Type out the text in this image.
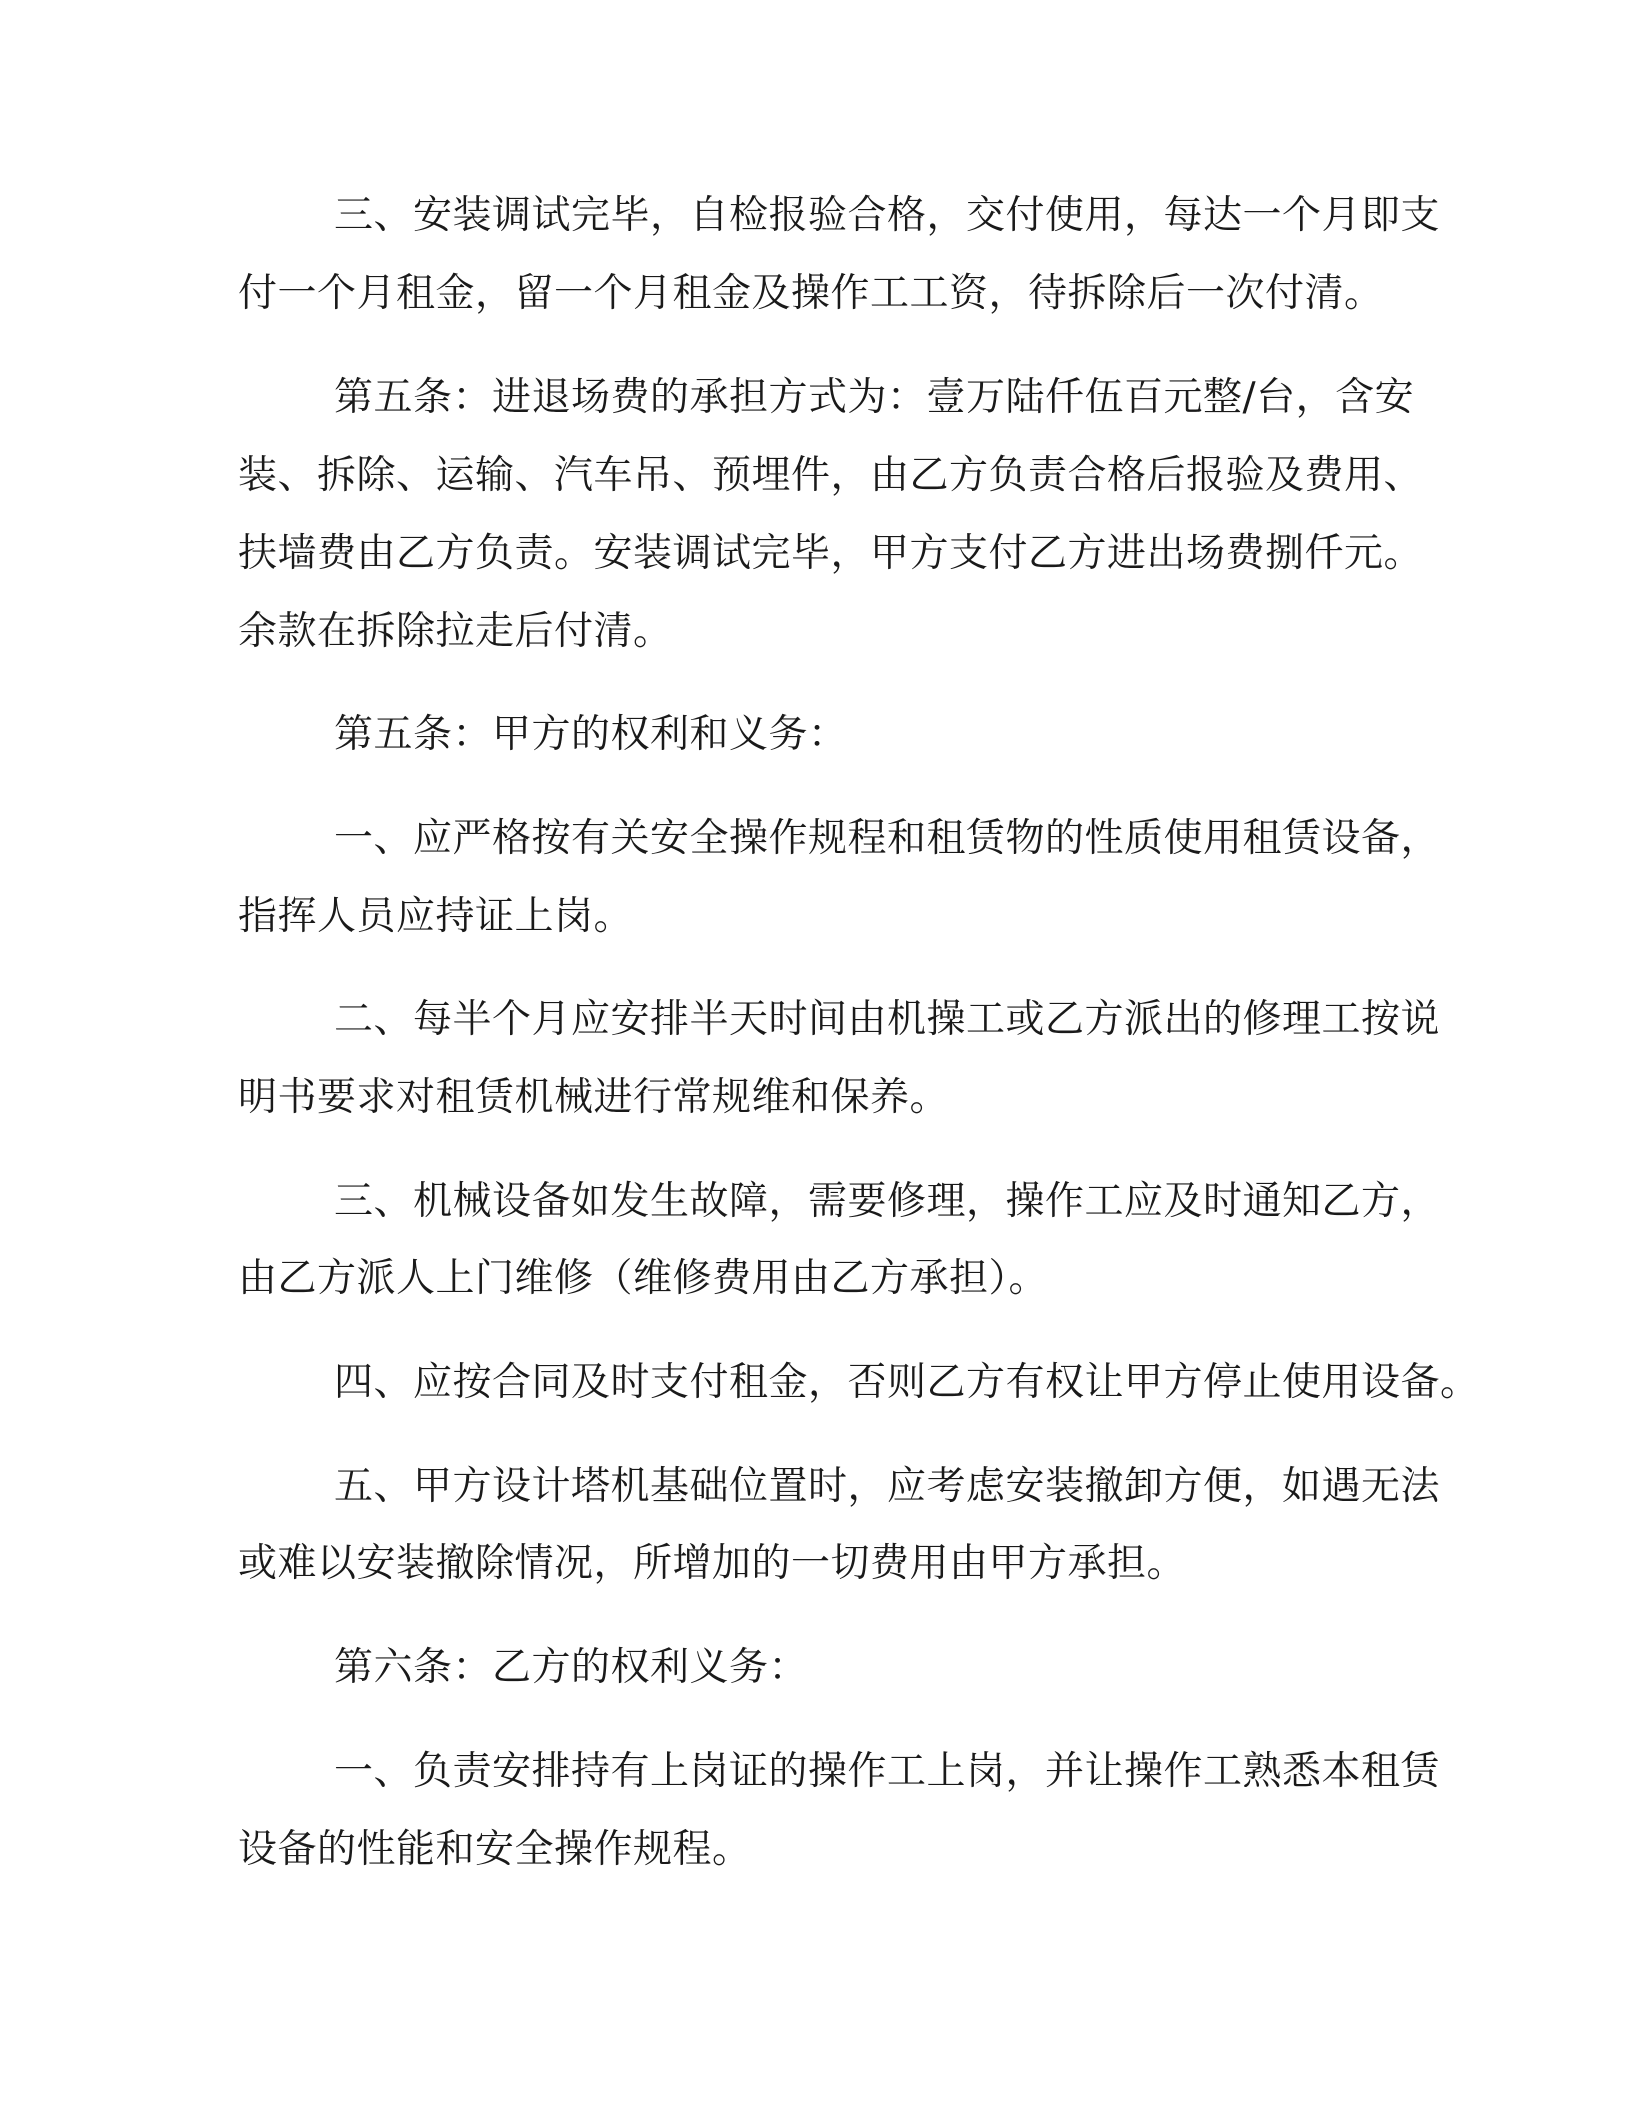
三、安装调试完毕，自检报验合格，交付使用，每达一个月即支

付一个月租金，留一个月租金及操作工工资，待拆除后一次付清。

第五条：进退场费的承担方式为：壹万陆仟伍百元整/台，含安

装、拆除、运输、汽车吊、预埋件，由乙方负责合格后报验及费用、

扶墙费由乙方负责。安装调试完毕，甲方支付乙方进出场费捌仟元。

余款在拆除拉走后付清。

第五条：甲方的权利和义务：

一、应严格按有关安全操作规程和租赁物的性质使用租赁设备，

指挥人员应持证上岗。

二、每半个月应安排半天时间由机操工或乙方派出的修理工按说

明书要求对租赁机械进行常规维和保养。

三、机械设备如发生故障，需要修理，操作工应及时通知乙方，

由乙方派人上门维修（维修费用由乙方承担）。

四、应按合同及时支付租金，否则乙方有权让甲方停止使用设备。

五、甲方设计塔机基础位置时，应考虑安装撤卸方便，如遇无法

或难以安装撤除情况，所增加的一切费用由甲方承担。

第六条：乙方的权利义务：

一、负责安排持有上岗证的操作工上岗，并让操作工熟悉本租赁

设备的性能和安全操作规程。
